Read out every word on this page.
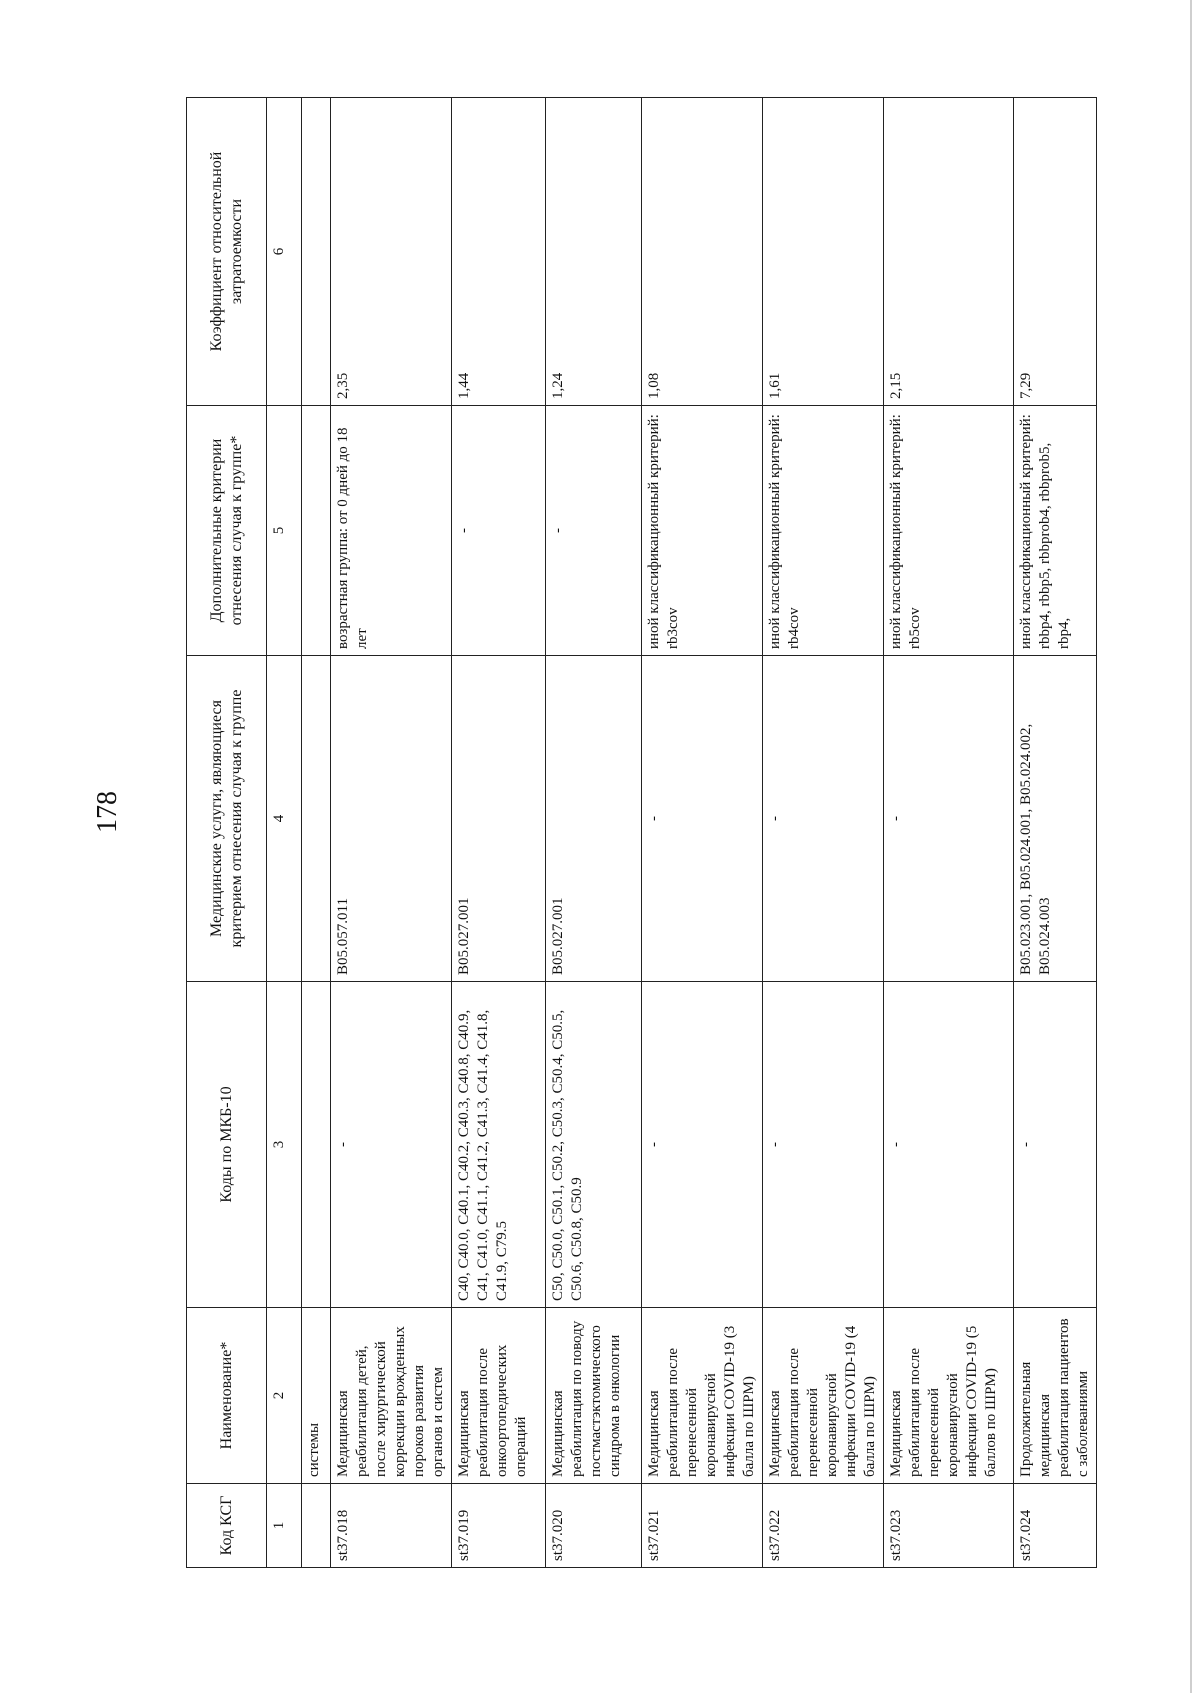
178
Код КСГ	Наименование*	Коды по МКБ-10	Медицинские услуги, являющиеся критерием отнесения случая к группе	Дополнительные критерии отнесения случая к группе*	Коэффициент относительной затратоемкости
1	2	3	4	5	6
	системы				
st37.018	Медицинская реабилитация детей, после хирургической коррекции врожденных пороков развития органов и систем	-	B05.057.011	возрастная группа: от 0 дней до 18 лет	2,35
st37.019	Медицинская реабилитация после онкоортопедических операций	C40, C40.0, C40.1, C40.2, C40.3, C40.8, C40.9, C41, C41.0, C41.1, C41.2, C41.3, C41.4, C41.8, C41.9, C79.5	B05.027.001	-	1,44
st37.020	Медицинская реабилитация по поводу постмастэктомического синдрома в онкологии	C50, C50.0, C50.1, C50.2, C50.3, C50.4, C50.5, C50.6, C50.8, C50.9	B05.027.001	-	1,24
st37.021	Медицинская реабилитация после перенесенной коронавирусной инфекции COVID-19 (3 балла по ШРМ)	-	-	иной классификационный критерий: rb3cov	1,08
st37.022	Медицинская реабилитация после перенесенной коронавирусной инфекции COVID-19 (4 балла по ШРМ)	-	-	иной классификационный критерий: rb4cov	1,61
st37.023	Медицинская реабилитация после перенесенной коронавирусной инфекции COVID-19 (5 баллов по ШРМ)	-	-	иной классификационный критерий: rb5cov	2,15
st37.024	Продолжительная медицинская реабилитация пациентов с заболеваниями	-	B05.023.001, B05.024.001, B05.024.002, B05.024.003	иной классификационный критерий: rbbp4, rbbp5, rbbprob4, rbbprob5, rbp4,	7,29
